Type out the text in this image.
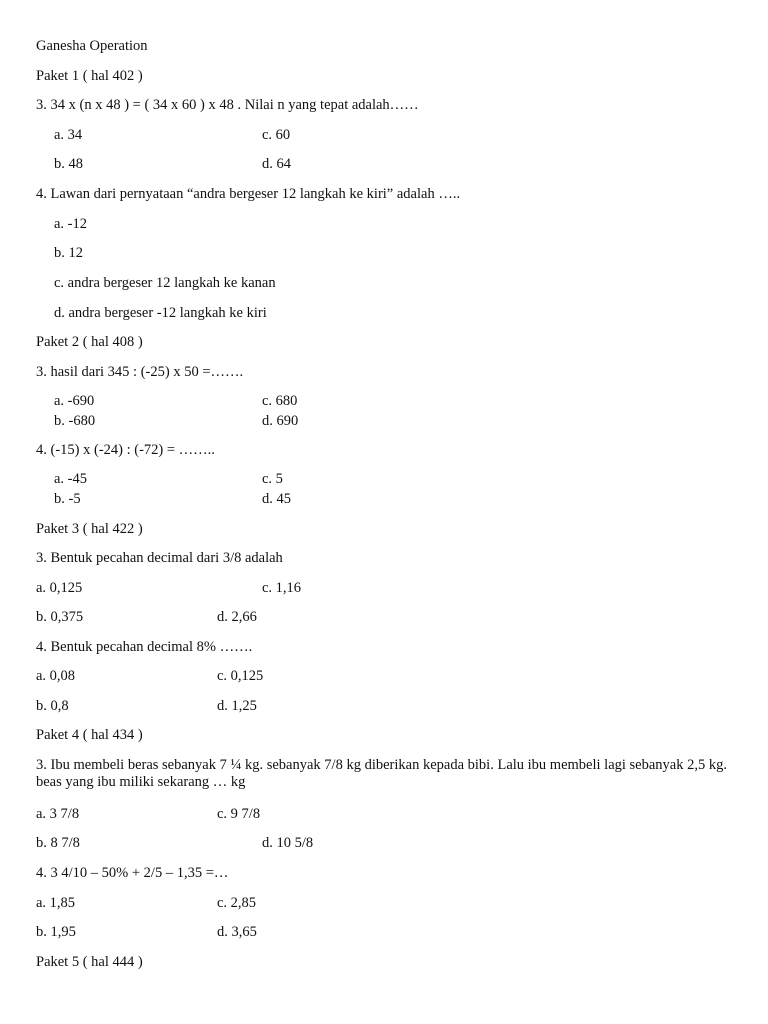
Ganesha Operation
Paket 1 ( hal 402 )
3. 34 x (n x 48 ) = ( 34 x 60 ) x 48 . Nilai n yang tepat adalah……
a. 34	c. 60
b. 48	d. 64
4. Lawan dari pernyataan “andra bergeser 12 langkah ke kiri” adalah …..
a. -12
b. 12
c. andra bergeser 12 langkah ke kanan
d. andra bergeser -12 langkah ke kiri
Paket 2 ( hal 408 )
3. hasil dari 345 : (-25) x 50 =…….
a. -690	c. 680
b. -680	d. 690
4. (-15) x (-24) : (-72) = ……..
a. -45	c. 5
b. -5	d. 45
Paket 3 ( hal 422 )
3. Bentuk pecahan decimal dari 3/8 adalah
a. 0,125	c. 1,16
b. 0,375	d. 2,66
4. Bentuk pecahan decimal 8% …….
a. 0,08	c. 0,125
b. 0,8	d. 1,25
Paket 4 ( hal 434 )
3. Ibu membeli beras sebanyak 7 ¼ kg. sebanyak 7/8 kg diberikan kepada bibi. Lalu ibu membeli lagi sebanyak 2,5 kg. beas yang ibu miliki sekarang … kg
a. 3 7/8	c. 9 7/8
b. 8 7/8	d. 10 5/8
4. 3 4/10 – 50% + 2/5 – 1,35 =…
a. 1,85	c. 2,85
b. 1,95	d. 3,65
Paket 5 ( hal 444 )
